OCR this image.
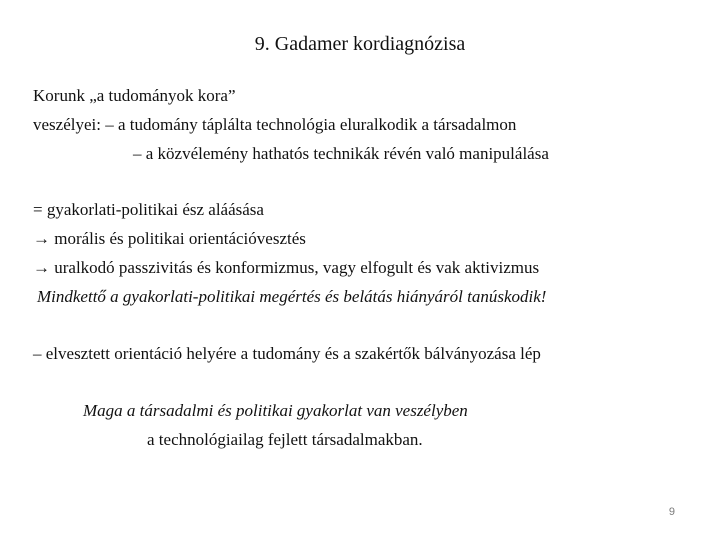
9. Gadamer kordiagnózisa
Korunk „a tudományok kora”
veszélyei: – a tudomány táplálta technológia eluralkodik a társadalmon
– a közvélemény hathatós technikák révén való manipulálása
= gyakorlati-politikai ész aláásása
→ morális és politikai orientációvesztés
→ uralkodó passzivitás és konformizmus, vagy elfogult és vak aktivizmus
Mindkettő a gyakorlati-politikai megértés és belátás hiányáról tanúskodik!
– elvesztett orientáció helyére a tudomány és a szakértők bálványozása lép
Maga a társadalmi és politikai gyakorlat van veszélyben
a technológiailag fejlett társadalmakban.
9
